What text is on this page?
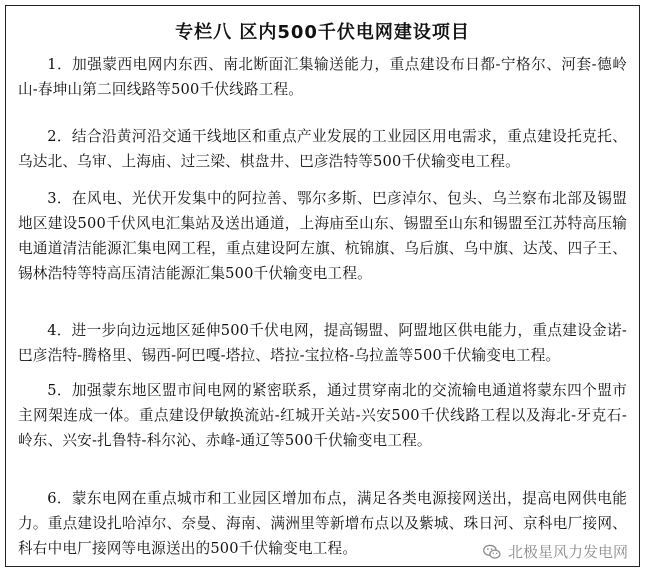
专栏八 区内500千伏电网建设项目
1．加强蒙西电网内东西、南北断面汇集输送能力，重点建设布日都-宁格尔、河套-德岭山-春坤山第二回线路等500千伏线路工程。
2．结合沿黄河沿交通干线地区和重点产业发展的工业园区用电需求，重点建设托克托、乌达北、乌审、上海庙、过三梁、棋盘井、巴彦浩特等500千伏输变电工程。
3．在风电、光伏开发集中的阿拉善、鄂尔多斯、巴彦淖尔、包头、乌兰察布北部及锡盟地区建设500千伏风电汇集站及送出通道，上海庙至山东、锡盟至山东和锡盟至江苏特高压输电通道清洁能源汇集电网工程，重点建设阿左旗、杭锦旗、乌后旗、乌中旗、达茂、四子王、锡林浩特等特高压清洁能源汇集500千伏输变电工程。
4．进一步向边远地区延伸500千伏电网，提高锡盟、阿盟地区供电能力，重点建设金诺-巴彦浩特-腾格里、锡西-阿巴嘎-塔拉、塔拉-宝拉格-乌拉盖等500千伏输变电工程。
5．加强蒙东地区盟市间电网的紧密联系，通过贯穿南北的交流输电通道将蒙东四个盟市主网架连成一体。重点建设伊敏换流站-红城开关站-兴安500千伏线路工程以及海北-牙克石-岭东、兴安-扎鲁特-科尔沁、赤峰-通辽等500千伏输变电工程。
6．蒙东电网在重点城市和工业园区增加布点，满足各类电源接网送出，提高电网供电能力。重点建设扎哈淖尔、奈曼、海南、满洲里等新增布点以及紫城、珠日河、京科电厂接网、科右中电厂接网等电源送出的500千伏输变电工程。	北极星风力发电网
